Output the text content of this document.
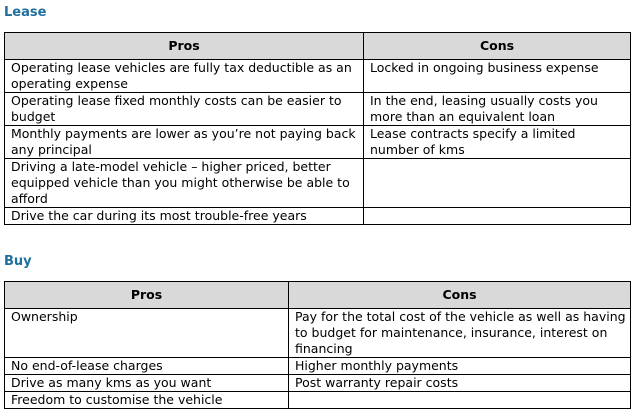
Lease
Pros	Cons
Operating lease vehicles are fully tax deductible as an operating expense	Locked in ongoing business expense
Operating lease fixed monthly costs can be easier to budget	In the end, leasing usually costs you more than an equivalent loan
Monthly payments are lower as you’re not paying back any principal	Lease contracts specify a limited number of kms
Driving a late-model vehicle – higher priced, better equipped vehicle than you might otherwise be able to afford	
Drive the car during its most trouble-free years	
Buy
Pros	Cons
Ownership	Pay for the total cost of the vehicle as well as having to budget for maintenance, insurance, interest on financing
No end-of-lease charges	Higher monthly payments
Drive as many kms as you want	Post warranty repair costs
Freedom to customise the vehicle	
